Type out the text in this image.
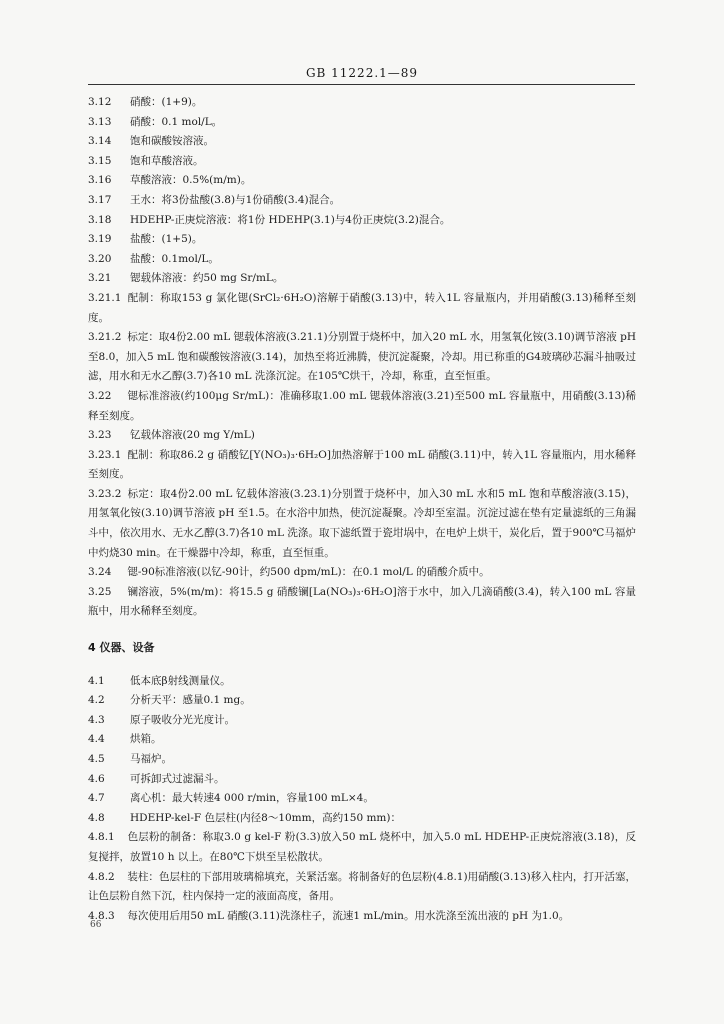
GB 11222.1—89
3.12	硝酸：(1+9)。
3.13	硝酸：0.1 mol/L。
3.14	饱和碳酸铵溶液。
3.15	饱和草酸溶液。
3.16	草酸溶液：0.5%(m/m)。
3.17	王水：将3份盐酸(3.8)与1份硝酸(3.4)混合。
3.18	HDEHP-正庚烷溶液：将1份 HDEHP(3.1)与4份正庚烷(3.2)混合。
3.19	盐酸：(1+5)。
3.20	盐酸：0.1mol/L。
3.21	锶载体溶液：约50 mg Sr/mL。

3.21.1 配制：称取153 g 氯化锶(SrCl₂·6H₂O)溶解于硝酸(3.13)中，转入1L 容量瓶内，并用硝酸(3.13)稀释至刻度。

3.21.2 标定：取4份2.00 mL 锶载体溶液(3.21.1)分别置于烧杯中，加入20 mL 水，用氢氧化铵(3.10)调节溶液 pH 至8.0，加入5 mL 饱和碳酸铵溶液(3.14)，加热至将近沸腾，使沉淀凝聚，冷却。用已称重的G4玻璃砂芯漏斗抽吸过滤，用水和无水乙醇(3.7)各10 mL 洗涤沉淀。在105℃烘干，冷却，称重，直至恒重。

3.22 锶标准溶液(约100μg Sr/mL)：准确移取1.00 mL 锶载体溶液(3.21)至500 mL 容量瓶中，用硝酸(3.13)稀释至刻度。

3.23	钇载体溶液(20 mg Y/mL)

3.23.1 配制：称取86.2 g 硝酸钇[Y(NO₃)₃·6H₂O]加热溶解于100 mL 硝酸(3.11)中，转入1L 容量瓶内，用水稀释至刻度。

3.23.2 标定：取4份2.00 mL 钇载体溶液(3.23.1)分别置于烧杯中，加入30 mL 水和5 mL 饱和草酸溶液(3.15)，用氢氧化铵(3.10)调节溶液 pH 至1.5。在水浴中加热，使沉淀凝聚。冷却至室温。沉淀过滤在垫有定量滤纸的三角漏斗中，依次用水、无水乙醇(3.7)各10 mL 洗涤。取下滤纸置于瓷坩埚中，在电炉上烘干，炭化后，置于900℃马福炉中灼烧30 min。在干燥器中冷却，称重，直至恒重。

3.24 锶-90标准溶液(以钇-90计，约500 dpm/mL)：在0.1 mol/L 的硝酸介质中。

3.25 镧溶液，5%(m/m)：将15.5 g 硝酸镧[La(NO₃)₃·6H₂O]溶于水中，加入几滴硝酸(3.4)，转入100 mL 容量瓶中，用水稀释至刻度。

4 仪器、设备
4.1	低本底β射线测量仪。
4.2	分析天平：感量0.1 mg。
4.3	原子吸收分光光度计。
4.4	烘箱。
4.5	马福炉。
4.6	可拆卸式过滤漏斗。
4.7	离心机：最大转速4 000 r/min，容量100 mL×4。
4.8	HDEHP-kel-F 色层柱(内径8～10mm，高约150 mm)：

4.8.1 色层粉的制备：称取3.0 g kel-F 粉(3.3)放入50 mL 烧杯中，加入5.0 mL HDEHP-正庚烷溶液(3.18)，反复搅拌，放置10 h 以上。在80℃下烘至呈松散状。

4.8.2 装柱：色层柱的下部用玻璃棉填充，关紧活塞。将制备好的色层粉(4.8.1)用硝酸(3.13)移入柱内，打开活塞，让色层粉自然下沉，柱内保持一定的液面高度，备用。

4.8.3 每次使用后用50 mL 硝酸(3.11)洗涤柱子，流速1 mL/min。用水洗涤至流出液的 pH 为1.0。

66
